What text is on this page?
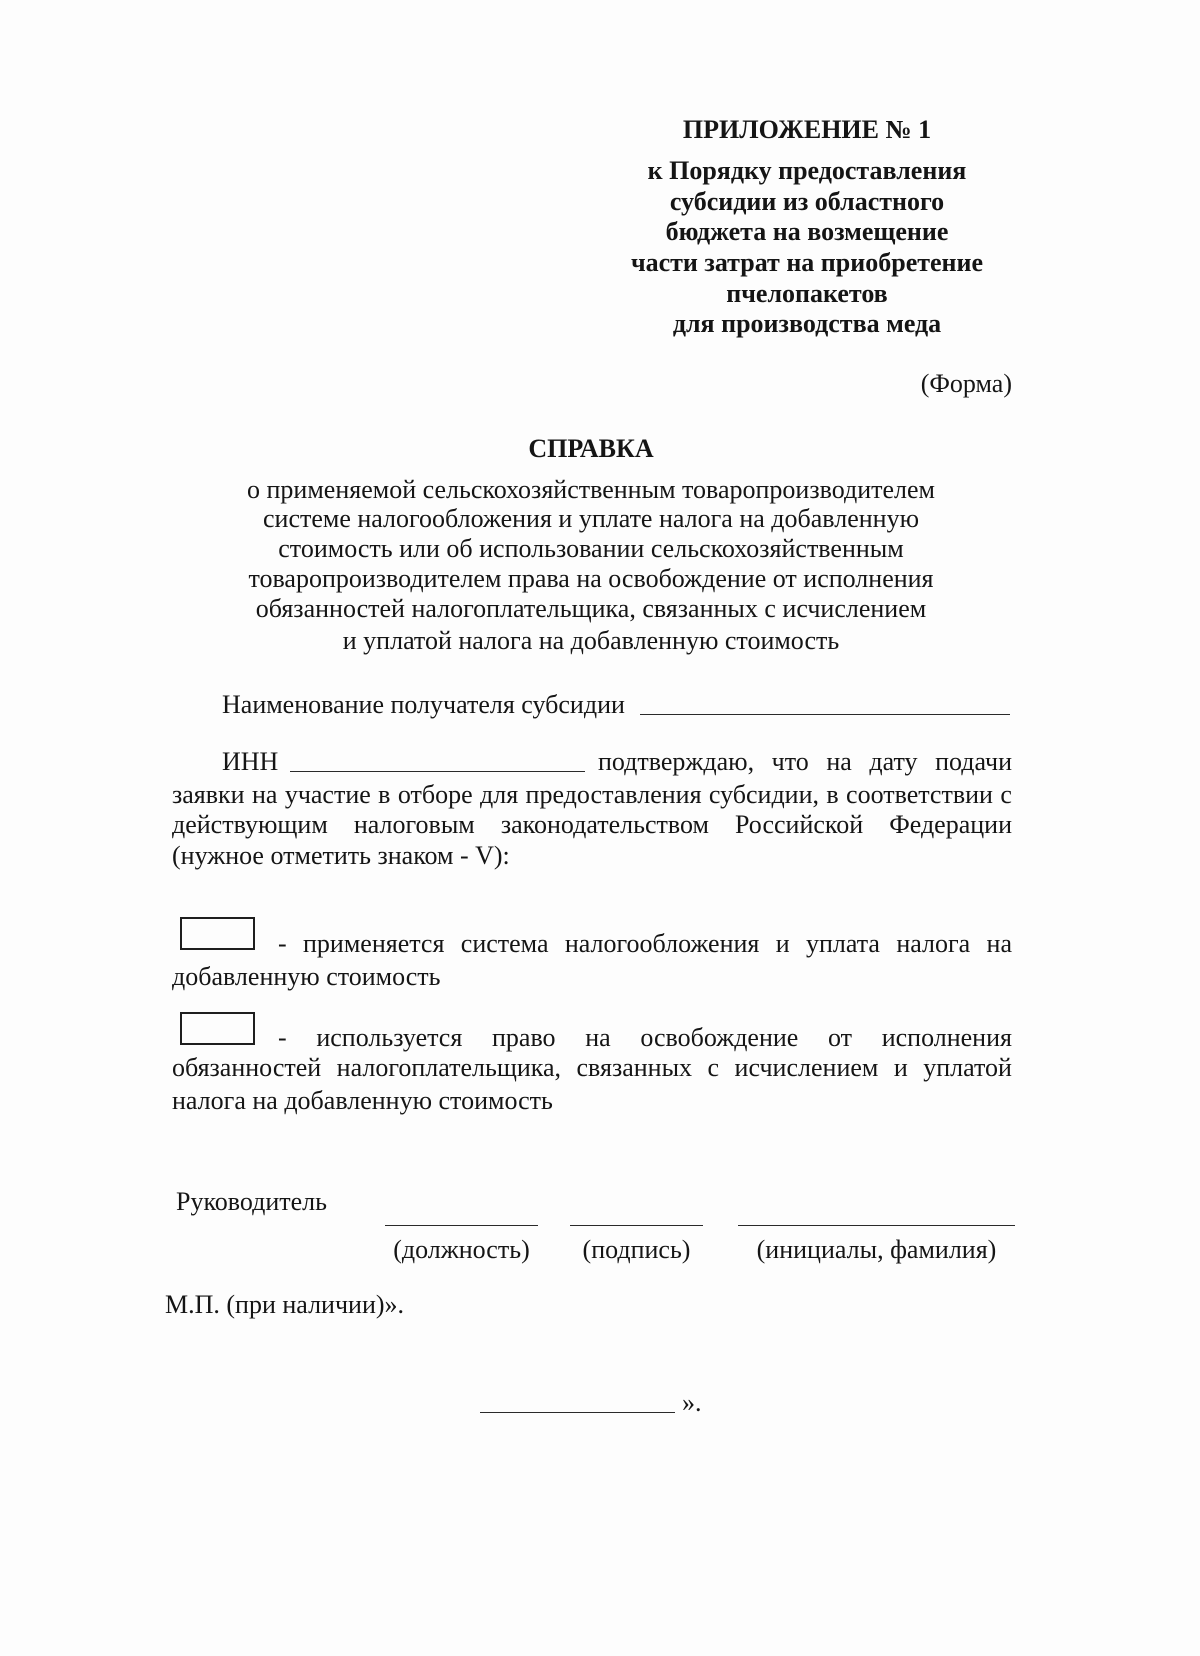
ПРИЛОЖЕНИЕ № 1
к Порядку предоставления
субсидии из областного
бюджета на возмещение
части затрат на приобретение
пчелопакетов
для производства меда
(Форма)
СПРАВКА
о применяемой сельскохозяйственным товаропроизводителем
системе налогообложения и уплате налога на добавленную
стоимость или об использовании сельскохозяйственным
товаропроизводителем права на освобождение от исполнения
обязанностей налогоплательщика, связанных с исчислением
и уплатой налога на добавленную стоимость
Наименование получателя субсидии
ИНН	подтверждаю, что на дату подачи
заявки на участие в отборе для предоставления субсидии, в соответствии с
действующим налоговым законодательством Российской Федерации
(нужное отметить знаком - V):
- применяется система налогообложения и уплата налога на
добавленную стоимость
- используется право на освобождение от исполнения
обязанностей налогоплательщика, связанных с исчислением и уплатой
налога на добавленную стоимость
Руководитель
(должность)	(подпись)	(инициалы, фамилия)
М.П. (при наличии)».
».
